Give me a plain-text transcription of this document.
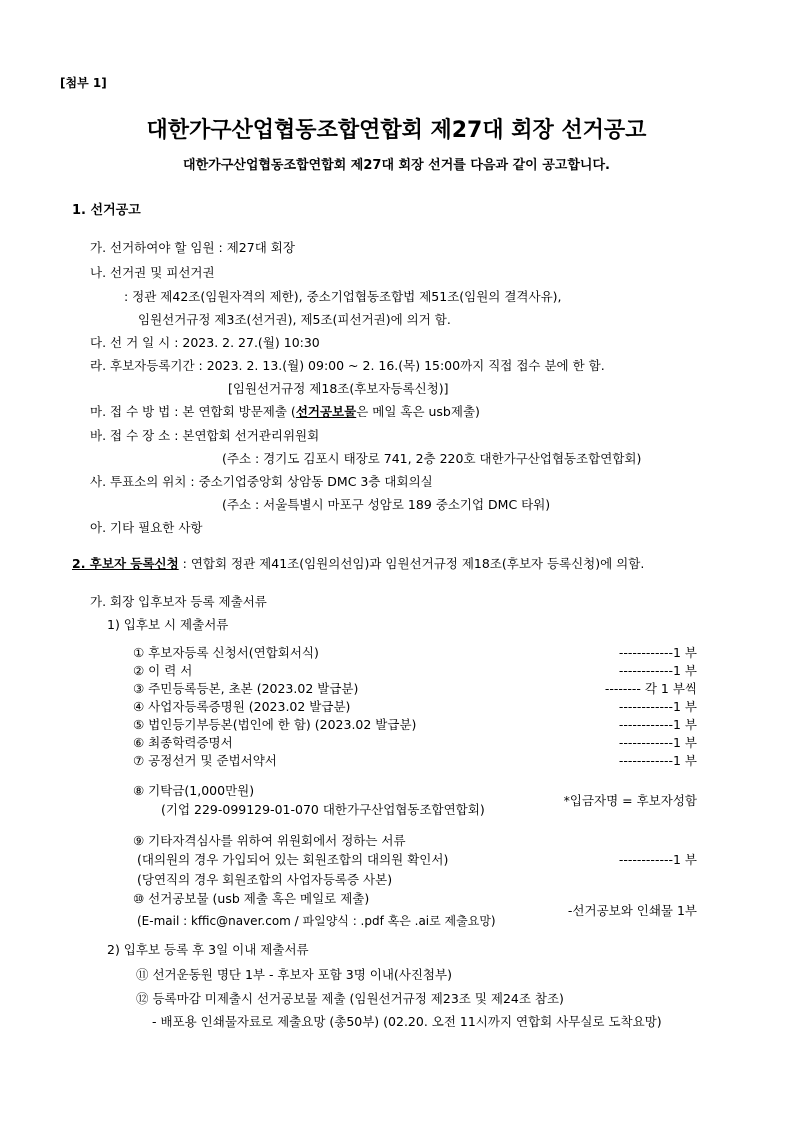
[첨부 1]
대한가구산업협동조합연합회 제27대 회장 선거공고
대한가구산업협동조합연합회 제27대 회장 선거를 다음과 같이 공고합니다.
1. 선거공고
가. 선거하여야 할 임원 : 제27대 회장
나. 선거권 및 피선거권
: 정관 제42조(임원자격의 제한), 중소기업협동조합법 제51조(임원의 결격사유),
임원선거규정 제3조(선거권), 제5조(피선거권)에 의거 함.
다. 선 거 일 시 : 2023. 2. 27.(월) 10:30
라. 후보자등록기간 : 2023. 2. 13.(월) 09:00 ~ 2. 16.(목) 15:00까지 직접 접수 분에 한 함.
[임원선거규정 제18조(후보자등록신청)]
마. 접 수 방 법 : 본 연합회 방문제출 (선거공보물은 메일 혹은 usb제출)
바. 접 수 장 소 : 본연합회 선거관리위원회
(주소 : 경기도 김포시 태장로 741, 2층 220호 대한가구산업협동조합연합회)
사. 투표소의 위치 : 중소기업중앙회 상암동 DMC 3층 대회의실
(주소 : 서울특별시 마포구 성암로 189 중소기업 DMC 타워)
아. 기타 필요한 사항
2. 후보자 등록신청 : 연합회 정관 제41조(임원의선임)과 임원선거규정 제18조(후보자 등록신청)에 의함.
가. 회장 입후보자 등록 제출서류
1) 입후보 시 제출서류
① 후보자등록 신청서(연합회서식)	------------1 부
② 이 력 서	------------1 부
③ 주민등록등본, 초본 (2023.02 발급분)	-------- 각 1 부씩
④ 사업자등록증명원 (2023.02 발급분)	------------1 부
⑤ 법인등기부등본(법인에 한 함) (2023.02 발급분)	------------1 부
⑥ 최종학력증명서	------------1 부
⑦ 공정선거 및 준법서약서	------------1 부
⑧ 기탁금(1,000만원)
(기업 229-099129-01-070 대한가구산업협동조합연합회)
*입금자명 = 후보자성함
⑨ 기타자격심사를 위하여 위원회에서 정하는 서류
(대의원의 경우 가입되어 있는 회원조합의 대의원 확인서)	------------1 부
(당연직의 경우 회원조합의 사업자등록증 사본)
⑩ 선거공보물 (usb 제출 혹은 메일로 제출)
(E-mail : kffic@naver.com / 파일양식 : .pdf 혹은 .ai로 제출요망)
-선거공보와 인쇄물 1부
2) 입후보 등록 후 3일 이내 제출서류
⑪ 선거운동원 명단 1부 - 후보자 포함 3명 이내(사진첨부)
⑫ 등록마감 미제출시 선거공보물 제출 (임원선거규정 제23조 및 제24조 참조)
- 배포용 인쇄물자료로 제출요망 (총50부) (02.20. 오전 11시까지 연합회 사무실로 도착요망)
